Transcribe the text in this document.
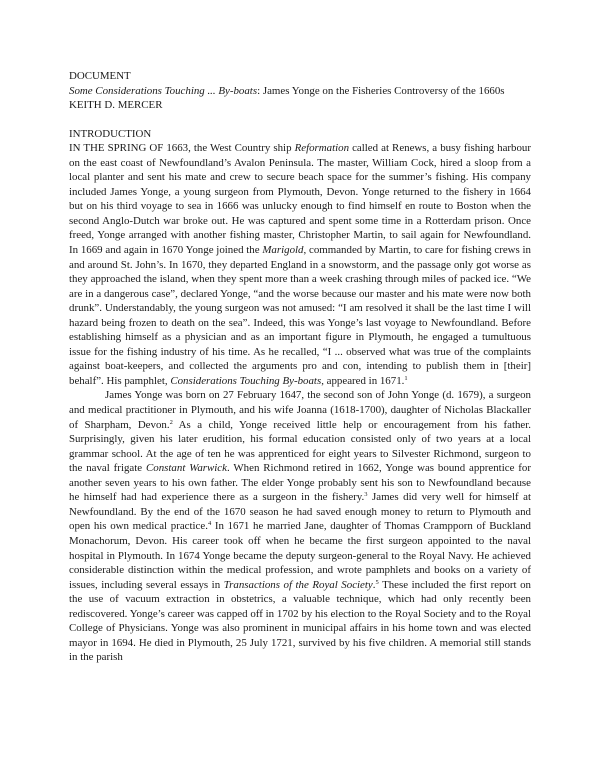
DOCUMENT
Some Considerations Touching ... By-boats: James Yonge on the Fisheries Controversy of the 1660s
KEITH D. MERCER
INTRODUCTION

IN THE SPRING OF 1663, the West Country ship Reformation called at Renews, a busy fishing harbour on the east coast of Newfoundland’s Avalon Peninsula. The master, William Cock, hired a sloop from a local planter and sent his mate and crew to secure beach space for the summer’s fishing. His company included James Yonge, a young surgeon from Plymouth, Devon. Yonge returned to the fishery in 1664 but on his third voyage to sea in 1666 was unlucky enough to find himself en route to Boston when the second Anglo-Dutch war broke out. He was captured and spent some time in a Rotterdam prison. Once freed, Yonge arranged with another fishing master, Christopher Martin, to sail again for Newfoundland. In 1669 and again in 1670 Yonge joined the Marigold, commanded by Martin, to care for fishing crews in and around St. John’s. In 1670, they departed England in a snowstorm, and the passage only got worse as they approached the island, when they spent more than a week crashing through miles of packed ice. “We are in a dangerous case”, declared Yonge, “and the worse because our master and his mate were now both drunk”. Understandably, the young surgeon was not amused: “I am resolved it shall be the last time I will hazard being frozen to death on the sea”. Indeed, this was Yonge’s last voyage to Newfoundland. Before establishing himself as a physician and as an important figure in Plymouth, he engaged a tumultuous issue for the fishing industry of his time. As he recalled, “I ... observed what was true of the complaints against boat-keepers, and collected the arguments pro and con, intending to publish them in [their] behalf”. His pamphlet, Considerations Touching By-boats, appeared in 1671.$^1$

James Yonge was born on 27 February 1647, the second son of John Yonge (d. 1679), a surgeon and medical practitioner in Plymouth, and his wife Joanna (1618-1700), daughter of Nicholas Blackaller of Sharpham, Devon.$^2$ As a child, Yonge received little help or encouragement from his father. Surprisingly, given his later erudition, his formal education consisted only of two years at a local grammar school. At the age of ten he was apprenticed for eight years to Silvester Richmond, surgeon to the naval frigate Constant Warwick. When Richmond retired in 1662, Yonge was bound apprentice for another seven years to his own father. The elder Yonge probably sent his son to Newfoundland because he himself had had experience there as a surgeon in the fishery.$^3$ James did very well for himself at Newfoundland. By the end of the 1670 season he had saved enough money to return to Plymouth and open his own medical practice.$^4$ In 1671 he married Jane, daughter of Thomas Crampporn of Buckland Monachorum, Devon. His career took off when he became the first surgeon appointed to the naval hospital in Plymouth. In 1674 Yonge became the deputy surgeon-general to the Royal Navy. He achieved considerable distinction within the medical profession, and wrote pamphlets and books on a variety of issues, including several essays in Transactions of the Royal Society.$^5$ These included the first report on the use of vacuum extraction in obstetrics, a valuable technique, which had only recently been rediscovered. Yonge’s career was capped off in 1702 by his election to the Royal Society and to the Royal College of Physicians. Yonge was also prominent in municipal affairs in his home town and was elected mayor in 1694. He died in Plymouth, 25 July 1721, survived by his five children. A memorial still stands in the parish
